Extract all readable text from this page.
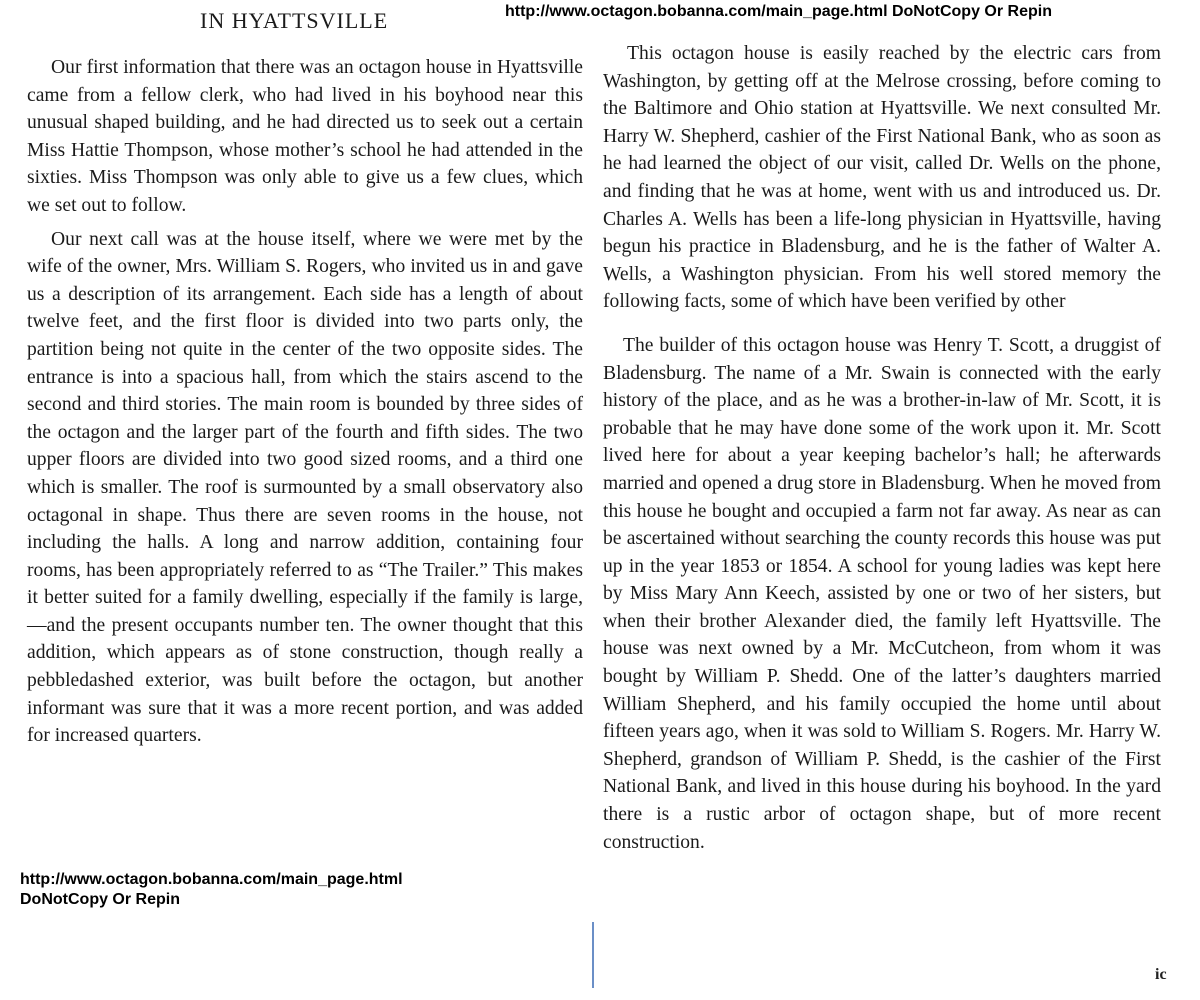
http://www.octagon.bobanna.com/main_page.html DoNotCopy Or Repin
IN HYATTSVILLE

Our first information that there was an octagon house in Hyattsville came from a fellow clerk, who had lived in his boyhood near this unusual shaped building, and he had directed us to seek out a certain Miss Hattie Thompson, whose mother’s school he had attended in the sixties. Miss Thompson was only able to give us a few clues, which we set out to follow.

Our next call was at the house itself, where we were met by the wife of the owner, Mrs. William S. Rogers, who invited us in and gave us a description of its arrangement. Each side has a length of about twelve feet, and the first floor is divided into two parts only, the partition being not quite in the center of the two opposite sides. The entrance is into a spacious hall, from which the stairs ascend to the second and third stories. The main room is bounded by three sides of the octagon and the larger part of the fourth and fifth sides. The two upper floors are divided into two good sized rooms, and a third one which is smaller. The roof is surmounted by a small observatory also octagonal in shape. Thus there are seven rooms in the house, not including the halls. A long and narrow addition, containing four rooms, has been appropriately referred to as “The Trailer.” This makes it better suited for a family dwelling, especially if the family is large,—and the present occupants number ten. The owner thought that this addition, which appears as of stone construction, though really a pebbledashed exterior, was built before the octagon, but another informant was sure that it was a more recent portion, and was added for increased quarters.

http://www.octagon.bobanna.com/main_page.html
DoNotCopy Or Repin

This octagon house is easily reached by the electric cars from Washington, by getting off at the Melrose crossing, before coming to the Baltimore and Ohio station at Hyattsville. We next consulted Mr. Harry W. Shepherd, cashier of the First National Bank, who as soon as he had learned the object of our visit, called Dr. Wells on the phone, and finding that he was at home, went with us and introduced us. Dr. Charles A. Wells has been a life-long physician in Hyattsville, having begun his practice in Bladensburg, and he is the father of Walter A. Wells, a Washington physician. From his well stored memory the following facts, some of which have been verified by other

The builder of this octagon house was Henry T. Scott, a druggist of Bladensburg. The name of a Mr. Swain is connected with the early history of the place, and as he was a brother-in-law of Mr. Scott, it is probable that he may have done some of the work upon it. Mr. Scott lived here for about a year keeping bachelor’s hall; he afterwards married and opened a drug store in Bladensburg. When he moved from this house he bought and occupied a farm not far away. As near as can be ascertained without searching the county records this house was put up in the year 1853 or 1854. A school for young ladies was kept here by Miss Mary Ann Keech, assisted by one or two of her sisters, but when their brother Alexander died, the family left Hyattsville. The house was next owned by a Mr. McCutcheon, from whom it was bought by William P. Shedd. One of the latter’s daughters married William Shepherd, and his family occupied the home until about fifteen years ago, when it was sold to William S. Rogers. Mr. Harry W. Shepherd, grandson of William P. Shedd, is the cashier of the First National Bank, and lived in this house during his boyhood. In the yard there is a rustic arbor of octagon shape, but of more recent construction.

ic
